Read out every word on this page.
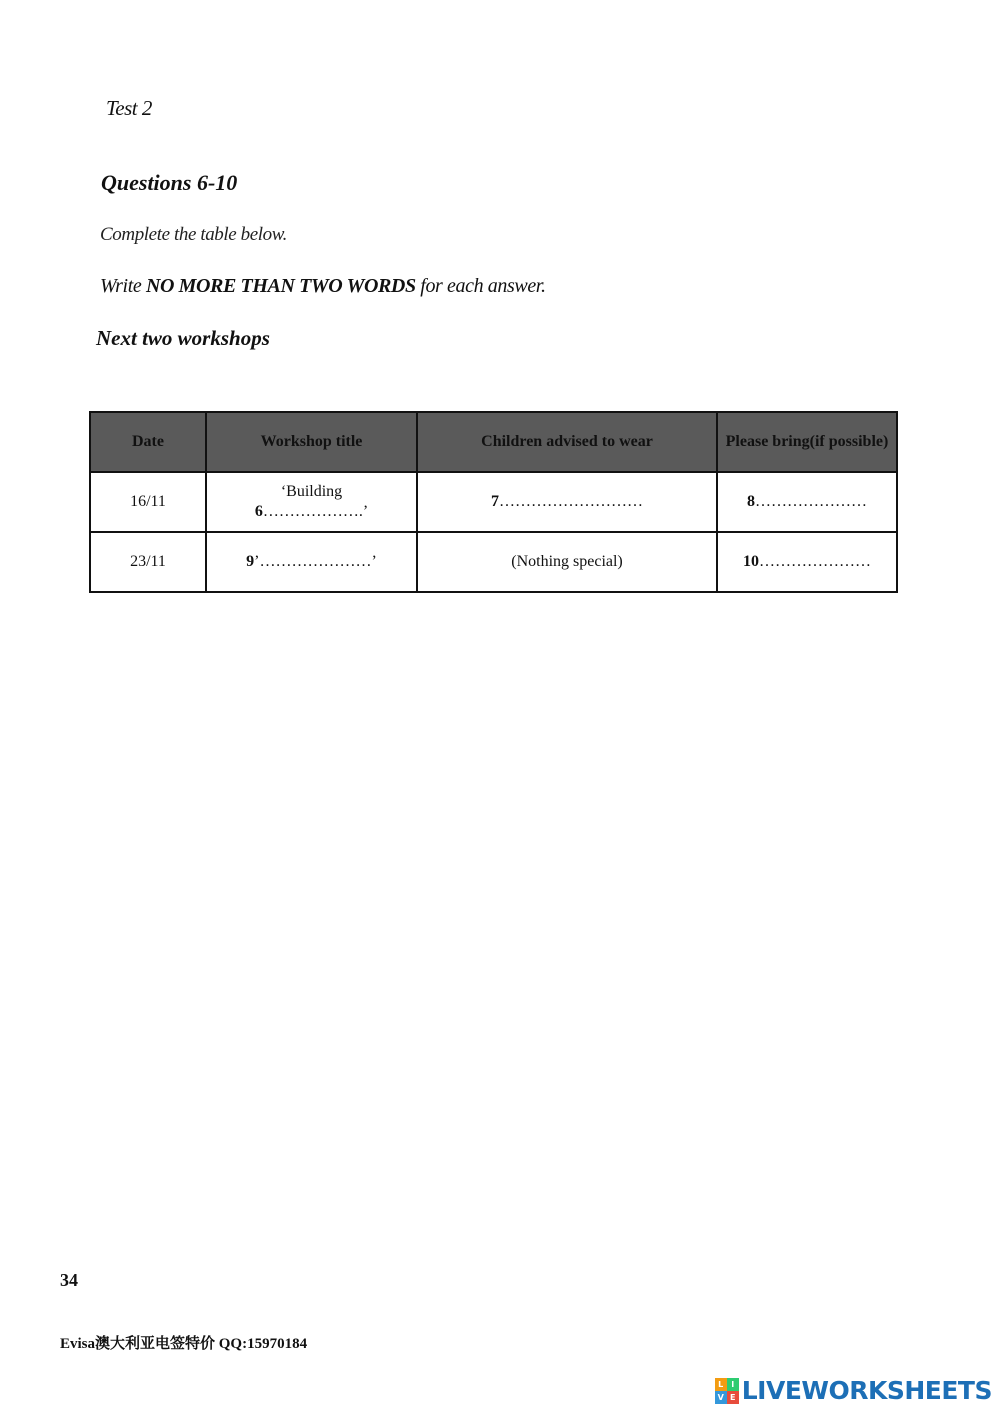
Test 2
Questions 6-10
Complete the table below.
Write NO MORE THAN TWO WORDS for each answer.
Next two workshops
Date	Workshop title	Children advised to wear	Please bring(if possible)
16/11	‘Building
6……………….’	7………………………	8…………………
23/11	9’…………………’	(Nothing special)	10…………………
34
Evisa澳大利亚电签特价 QQ:15970184
L I
V E LIVEWORKSHEETS
